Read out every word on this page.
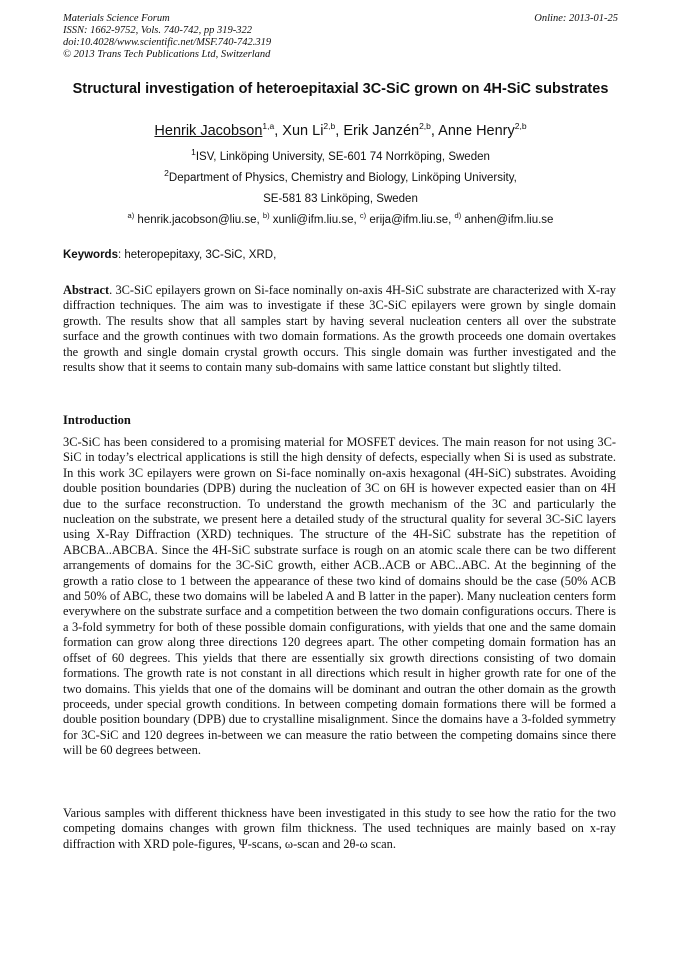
Materials Science Forum
ISSN: 1662-9752, Vols. 740-742, pp 319-322
doi:10.4028/www.scientific.net/MSF.740-742.319
© 2013 Trans Tech Publications Ltd, Switzerland
Online: 2013-01-25
Structural investigation of heteroepitaxial 3C-SiC grown on 4H-SiC substrates
Henrik Jacobson$^{1,a}$, Xun Li$^{2,b}$, Erik Janzén$^{2,b}$, Anne Henry$^{2,b}$
$^1$ISV, Linköping University, SE-601 74 Norrköping, Sweden
$^2$Department of Physics, Chemistry and Biology, Linköping University,
SE-581 83 Linköping, Sweden
$^{a)}$ henrik.jacobson@liu.se, $^{b)}$ xunli@ifm.liu.se, $^{c)}$ erija@ifm.liu.se, $^{d)}$ anhen@ifm.liu.se
Keywords: heteropepitaxy, 3C-SiC, XRD,
Abstract. 3C-SiC epilayers grown on Si-face nominally on-axis 4H-SiC substrate are characterized with X-ray diffraction techniques. The aim was to investigate if these 3C-SiC epilayers were grown by single domain growth. The results show that all samples start by having several nucleation centers all over the substrate surface and the growth continues with two domain formations. As the growth proceeds one domain overtakes the growth and single domain crystal growth occurs. This single domain was further investigated and the results show that it seems to contain many sub-domains with same lattice constant but slightly tilted.
Introduction
3C-SiC has been considered to a promising material for MOSFET devices. The main reason for not using 3C-SiC in today’s electrical applications is still the high density of defects, especially when Si is used as substrate. In this work 3C epilayers were grown on Si-face nominally on-axis hexagonal (4H-SiC) substrates. Avoiding double position boundaries (DPB) during the nucleation of 3C on 6H is however expected easier than on 4H due to the surface reconstruction. To understand the growth mechanism of the 3C and particularly the nucleation on the substrate, we present here a detailed study of the structural quality for several 3C-SiC layers using X-Ray Diffraction (XRD) techniques. The structure of the 4H-SiC substrate has the repetition of ABCBA..ABCBA. Since the 4H-SiC substrate surface is rough on an atomic scale there can be two different arrangements of domains for the 3C-SiC growth, either ACB..ACB or ABC..ABC. At the beginning of the growth a ratio close to 1 between the appearance of these two kind of domains should be the case (50% ACB and 50% of ABC, these two domains will be labeled A and B latter in the paper). Many nucleation centers form everywhere on the substrate surface and a competition between the two domain configurations occurs. There is a 3-fold symmetry for both of these possible domain configurations, with yields that one and the same domain formation can grow along three directions 120 degrees apart. The other competing domain formation has an offset of 60 degrees. This yields that there are essentially six growth directions consisting of two domain formations. The growth rate is not constant in all directions which result in higher growth rate for one of the two domains. This yields that one of the domains will be dominant and outran the other domain as the growth proceeds, under special growth conditions. In between competing domain formations there will be formed a double position boundary (DPB) due to crystalline misalignment. Since the domains have a 3-folded symmetry for 3C-SiC and 120 degrees in-between we can measure the ratio between the competing domains since there will be 60 degrees between.
Various samples with different thickness have been investigated in this study to see how the ratio for the two competing domains changes with grown film thickness. The used techniques are mainly based on x-ray diffraction with XRD pole-figures, Ψ-scans, ω-scan and 2θ-ω scan.
